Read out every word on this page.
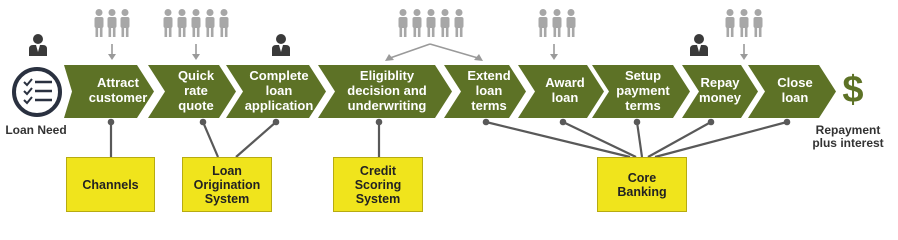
Attract
customer
Quick
rate
quote
Complete
loan
application
Eligiblity
decision and
underwriting
Extend
loan
terms
Award
loan
Setup
payment
terms
Repay
money
Close
loan
Channels
Loan
Origination
System
Credit
Scoring
System
Core
Banking
Loan Need	Repayment
plus interest
$
